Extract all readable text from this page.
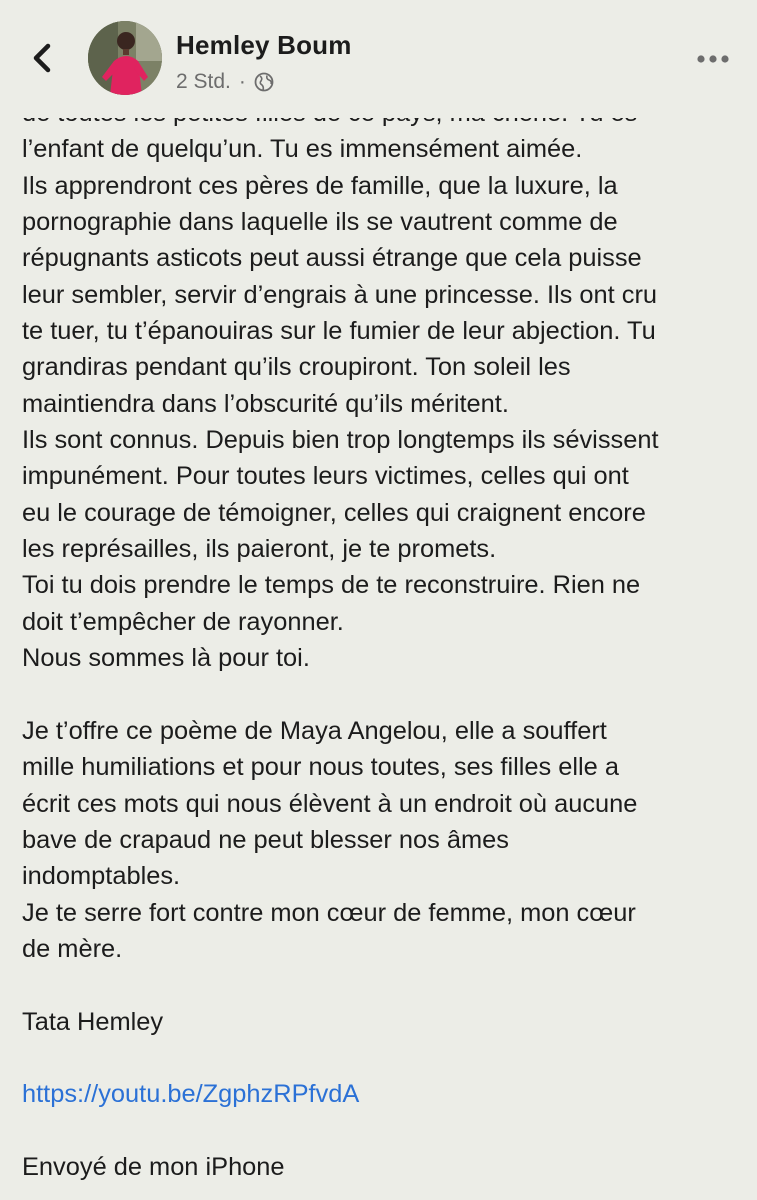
Hemley Boum
2 Std. ·

l’enfant de quelqu’un. Tu es immensément aimée.

Ils apprendront ces pères de famille, que la luxure, la

pornographie dans laquelle ils se vautrent comme de

répugnants asticots peut aussi étrange que cela puisse

leur sembler, servir d’engrais à une princesse. Ils ont cru

te tuer, tu t’épanouiras sur le fumier de leur abjection. Tu

grandiras pendant qu’ils croupiront. Ton soleil les

maintiendra dans l’obscurité qu’ils méritent.

Ils sont connus. Depuis bien trop longtemps ils sévissent

impunément. Pour toutes leurs victimes, celles qui ont

eu le courage de témoigner, celles qui craignent encore

les représailles, ils paieront, je te promets.

Toi tu dois prendre le temps de te reconstruire. Rien ne

doit t’empêcher de rayonner.

Nous sommes là pour toi.

Je t’offre ce poème de Maya Angelou, elle a souffert

mille humiliations et pour nous toutes, ses filles elle a

écrit ces mots qui nous élèvent à un endroit où aucune

bave de crapaud ne peut blesser nos âmes

indomptables.

Je te serre fort contre mon cœur de femme, mon cœur

de mère.

Tata Hemley

https://youtu.be/ZgphzRPfvdA

Envoyé de mon iPhone
